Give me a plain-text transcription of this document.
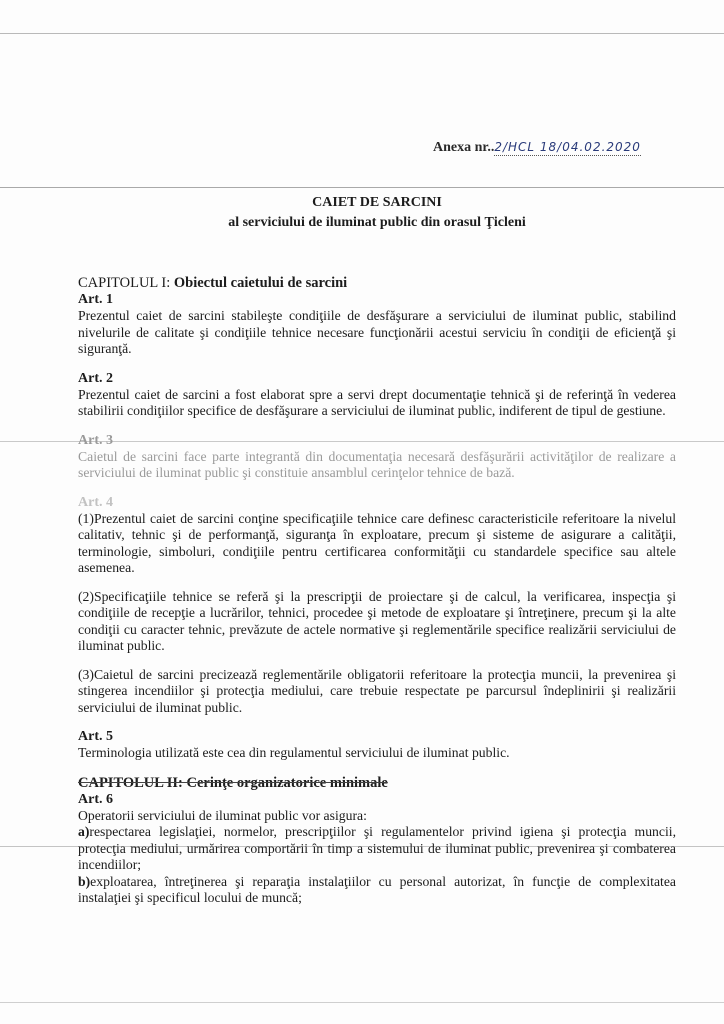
Anexa nr..2/HCL 18/04.02.2020
CAIET DE SARCINI
al serviciului de iluminat public din orasul Ţicleni
CAPITOLUL I: Obiectul caietului de sarcini
Art. 1

Prezentul caiet de sarcini stabileşte condiţiile de desfăşurare a serviciului de iluminat public, stabilind nivelurile de calitate şi condiţiile tehnice necesare funcţionării acestui serviciu în condiţii de eficienţă şi siguranţă.

Art. 2

Prezentul caiet de sarcini a fost elaborat spre a servi drept documentaţie tehnică şi de referinţă în vederea stabilirii condiţiilor specifice de desfăşurare a serviciului de iluminat public, indiferent de tipul de gestiune.

Art. 3

Caietul de sarcini face parte integrantă din documentaţia necesară desfăşurării activităţilor de realizare a serviciului de iluminat public şi constituie ansamblul cerinţelor tehnice de bază.

Art. 4

(1)Prezentul caiet de sarcini conţine specificaţiile tehnice care definesc caracteristicile referitoare la nivelul calitativ, tehnic şi de performanţă, siguranţa în exploatare, precum şi sisteme de asigurare a calităţii, terminologie, simboluri, condiţiile pentru certificarea conformităţii cu standardele specifice sau altele asemenea.

(2)Specificaţiile tehnice se referă şi la prescripţii de proiectare şi de calcul, la verificarea, inspecţia şi condiţiile de recepţie a lucrărilor, tehnici, procedee şi metode de exploatare şi întreţinere, precum şi la alte condiţii cu caracter tehnic, prevăzute de actele normative şi reglementările specifice realizării serviciului de iluminat public.

(3)Caietul de sarcini precizează reglementările obligatorii referitoare la protecţia muncii, la prevenirea şi stingerea incendiilor şi protecţia mediului, care trebuie respectate pe parcursul îndeplinirii şi realizării serviciului de iluminat public.

Art. 5

Terminologia utilizată este cea din regulamentul serviciului de iluminat public.

CAPITOLUL II: Cerinţe organizatorice minimale
Art. 6

Operatorii serviciului de iluminat public vor asigura:

a)respectarea legislaţiei, normelor, prescripţiilor şi regulamentelor privind igiena şi protecţia muncii, protecţia mediului, urmărirea comportării în timp a sistemului de iluminat public, prevenirea şi combaterea incendiilor;

b)exploatarea, întreţinerea şi reparaţia instalaţiilor cu personal autorizat, în funcţie de complexitatea instalaţiei şi specificul locului de muncă;
